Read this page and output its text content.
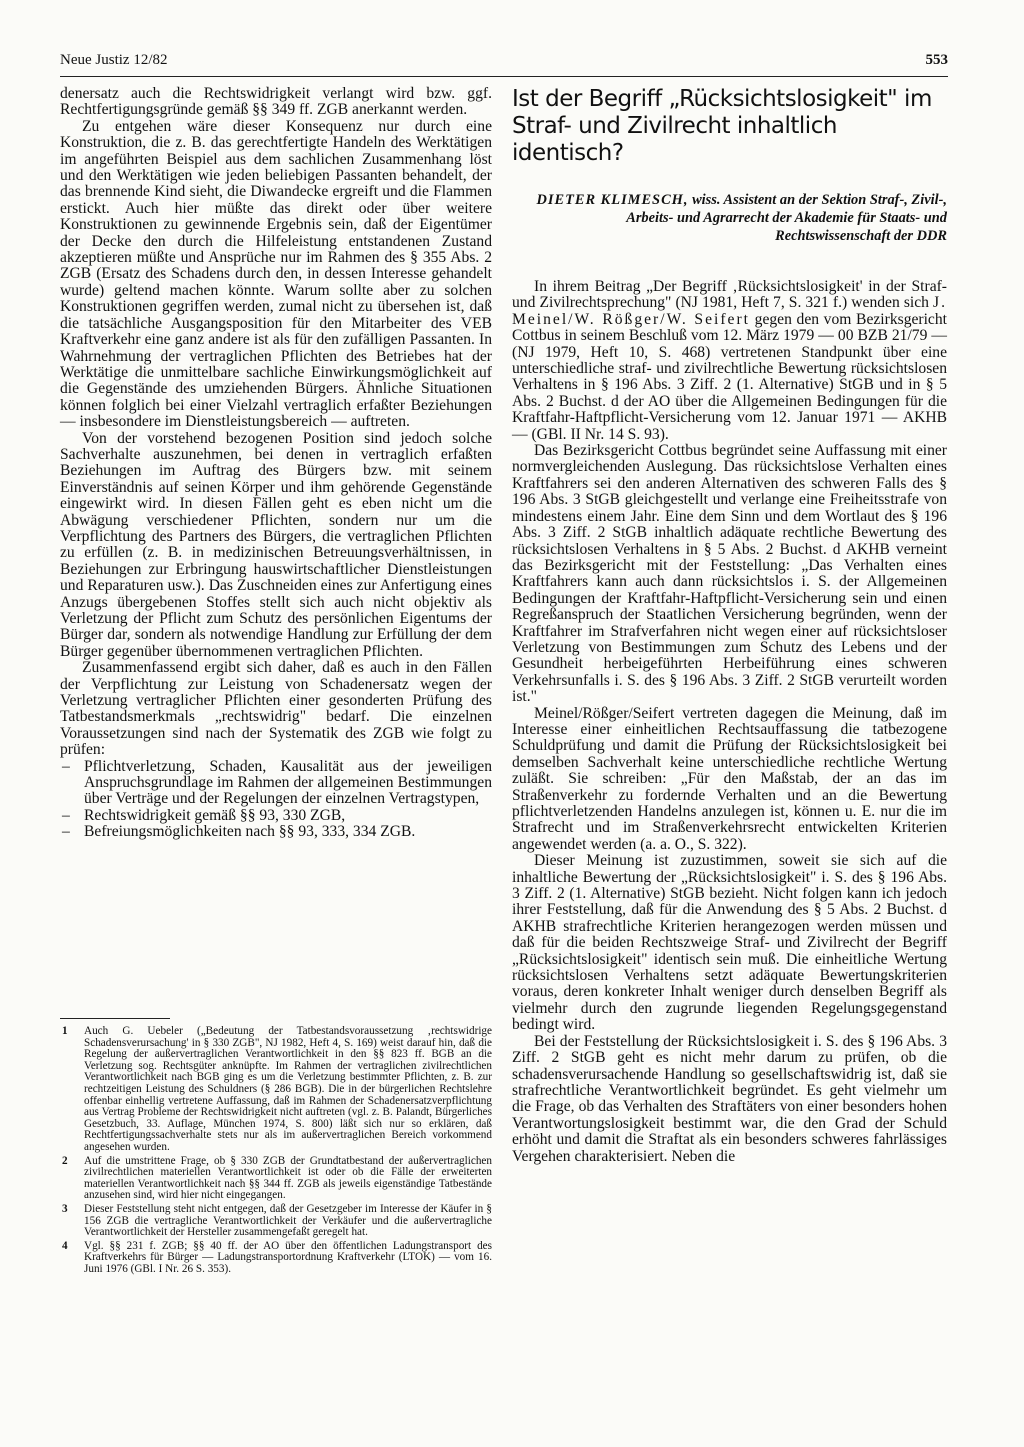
Neue Justiz 12/82	553

denersatz auch die Rechtswidrigkeit verlangt wird bzw. ggf. Rechtfertigungsgründe gemäß §§ 349 ff. ZGB anerkannt werden.

Zu entgehen wäre dieser Konsequenz nur durch eine Konstruktion, die z. B. das gerechtfertigte Handeln des Werktätigen im angeführten Beispiel aus dem sachlichen Zusammenhang löst und den Werktätigen wie jeden beliebigen Passanten behandelt, der das brennende Kind sieht, die Diwandecke ergreift und die Flammen erstickt. Auch hier müßte das direkt oder über weitere Konstruktionen zu gewinnende Ergebnis sein, daß der Eigentümer der Decke den durch die Hilfeleistung entstandenen Zustand akzeptieren müßte und Ansprüche nur im Rahmen des § 355 Abs. 2 ZGB (Ersatz des Schadens durch den, in dessen Interesse gehandelt wurde) geltend machen könnte. Warum sollte aber zu solchen Konstruktionen gegriffen werden, zumal nicht zu übersehen ist, daß die tatsächliche Ausgangsposition für den Mitarbeiter des VEB Kraftverkehr eine ganz andere ist als für den zufälligen Passanten. In Wahrnehmung der vertraglichen Pflichten des Betriebes hat der Werktätige die unmittelbare sachliche Einwirkungsmöglichkeit auf die Gegenstände des umziehenden Bürgers. Ähnliche Situationen können folglich bei einer Vielzahl vertraglich erfaßter Beziehungen — insbesondere im Dienstleistungsbereich — auftreten.

Von der vorstehend bezogenen Position sind jedoch solche Sachverhalte auszunehmen, bei denen in vertraglich erfaßten Beziehungen im Auftrag des Bürgers bzw. mit seinem Einverständnis auf seinen Körper und ihm gehörende Gegenstände eingewirkt wird. In diesen Fällen geht es eben nicht um die Abwägung verschiedener Pflichten, sondern nur um die Verpflichtung des Partners des Bürgers, die vertraglichen Pflichten zu erfüllen (z. B. in medizinischen Betreuungsverhältnissen, in Beziehungen zur Erbringung hauswirtschaftlicher Dienstleistungen und Reparaturen usw.). Das Zuschneiden eines zur Anfertigung eines Anzugs übergebenen Stoffes stellt sich auch nicht objektiv als Verletzung der Pflicht zum Schutz des persönlichen Eigentums der Bürger dar, sondern als notwendige Handlung zur Erfüllung der dem Bürger gegenüber übernommenen vertraglichen Pflichten.

Zusammenfassend ergibt sich daher, daß es auch in den Fällen der Verpflichtung zur Leistung von Schadenersatz wegen der Verletzung vertraglicher Pflichten einer gesonderten Prüfung des Tatbestandsmerkmals „rechtswidrig" bedarf. Die einzelnen Voraussetzungen sind nach der Systematik des ZGB wie folgt zu prüfen:

– Pflichtverletzung, Schaden, Kausalität aus der jeweiligen Anspruchsgrundlage im Rahmen der allgemeinen Bestimmungen über Verträge und der Regelungen der einzelnen Vertragstypen,
– Rechtswidrigkeit gemäß §§ 93, 330 ZGB,
– Befreiungsmöglichkeiten nach §§ 93, 333, 334 ZGB.
1 Auch G. Uebeler („Bedeutung der Tatbestandsvoraussetzung ‚rechtswidrige Schadensverursachung' in § 330 ZGB", NJ 1982, Heft 4, S. 169) weist darauf hin, daß die Regelung der außervertraglichen Verantwortlichkeit in den §§ 823 ff. BGB an die Verletzung sog. Rechtsgüter anknüpfte. Im Rahmen der vertraglichen zivilrechtlichen Verantwortlichkeit nach BGB ging es um die Verletzung bestimmter Pflichten, z. B. zur rechtzeitigen Leistung des Schuldners (§ 286 BGB). Die in der bürgerlichen Rechtslehre offenbar einhellig vertretene Auffassung, daß im Rahmen der Schadenersatzverpflichtung aus Vertrag Probleme der Rechtswidrigkeit nicht auftreten (vgl. z. B. Palandt, Bürgerliches Gesetzbuch, 33. Auflage, München 1974, S. 800) läßt sich nur so erklären, daß Rechtfertigungssachverhalte stets nur als im außervertraglichen Bereich vorkommend angesehen wurden.
2 Auf die umstrittene Frage, ob § 330 ZGB der Grundtatbestand der außervertraglichen zivilrechtlichen materiellen Verantwortlichkeit ist oder ob die Fälle der erweiterten materiellen Verantwortlichkeit nach §§ 344 ff. ZGB als jeweils eigenständige Tatbestände anzusehen sind, wird hier nicht eingegangen.
3 Dieser Feststellung steht nicht entgegen, daß der Gesetzgeber im Interesse der Käufer in § 156 ZGB die vertragliche Verantwortlichkeit der Verkäufer und die außervertragliche Verantwortlichkeit der Hersteller zusammengefaßt geregelt hat.
4 Vgl. §§ 231 f. ZGB; §§ 40 ff. der AO über den öffentlichen Ladungstransport des Kraftverkehrs für Bürger — Ladungstransportordnung Kraftverkehr (LTOK) — vom 16. Juni 1976 (GBl. I Nr. 26 S. 353).
Ist der Begriff „Rücksichtslosigkeit" im Straf- und Zivilrecht inhaltlich identisch?

DIETER KLIMESCH, wiss. Assistent an der Sektion Straf-, Zivil-, Arbeits- und Agrarrecht der Akademie für Staats- und Rechtswissenschaft der DDR

In ihrem Beitrag „Der Begriff ‚Rücksichtslosigkeit' in der Straf- und Zivilrechtsprechung" (NJ 1981, Heft 7, S. 321 f.) wenden sich J. Meinel/W. Rößger/W. Seifert gegen den vom Bezirksgericht Cottbus in seinem Beschluß vom 12. März 1979 — 00 BZB 21/79 — (NJ 1979, Heft 10, S. 468) vertretenen Standpunkt über eine unterschiedliche straf- und zivilrechtliche Bewertung rücksichtslosen Verhaltens in § 196 Abs. 3 Ziff. 2 (1. Alternative) StGB und in § 5 Abs. 2 Buchst. d der AO über die Allgemeinen Bedingungen für die Kraftfahr-Haftpflicht-Versicherung vom 12. Januar 1971 — AKHB — (GBl. II Nr. 14 S. 93).

Das Bezirksgericht Cottbus begründet seine Auffassung mit einer normvergleichenden Auslegung. Das rücksichtslose Verhalten eines Kraftfahrers sei den anderen Alternativen des schweren Falls des § 196 Abs. 3 StGB gleichgestellt und verlange eine Freiheitsstrafe von mindestens einem Jahr. Eine dem Sinn und dem Wortlaut des § 196 Abs. 3 Ziff. 2 StGB inhaltlich adäquate rechtliche Bewertung des rücksichtslosen Verhaltens in § 5 Abs. 2 Buchst. d AKHB verneint das Bezirksgericht mit der Feststellung: „Das Verhalten eines Kraftfahrers kann auch dann rücksichtslos i. S. der Allgemeinen Bedingungen der Kraftfahr-Haftpflicht-Versicherung sein und einen Regreßanspruch der Staatlichen Versicherung begründen, wenn der Kraftfahrer im Strafverfahren nicht wegen einer auf rücksichtsloser Verletzung von Bestimmungen zum Schutz des Lebens und der Gesundheit herbeigeführten Herbeiführung eines schweren Verkehrsunfalls i. S. des § 196 Abs. 3 Ziff. 2 StGB verurteilt worden ist."

Meinel/Rößger/Seifert vertreten dagegen die Meinung, daß im Interesse einer einheitlichen Rechtsauffassung die tatbezogene Schuldprüfung und damit die Prüfung der Rücksichtslosigkeit bei demselben Sachverhalt keine unterschiedliche rechtliche Wertung zuläßt. Sie schreiben: „Für den Maßstab, der an das im Straßenverkehr zu fordernde Verhalten und an die Bewertung pflichtverletzenden Handelns anzulegen ist, können u. E. nur die im Strafrecht und im Straßenverkehrsrecht entwickelten Kriterien angewendet werden (a. a. O., S. 322).

Dieser Meinung ist zuzustimmen, soweit sie sich auf die inhaltliche Bewertung der „Rücksichtslosigkeit" i. S. des § 196 Abs. 3 Ziff. 2 (1. Alternative) StGB bezieht. Nicht folgen kann ich jedoch ihrer Feststellung, daß für die Anwendung des § 5 Abs. 2 Buchst. d AKHB strafrechtliche Kriterien herangezogen werden müssen und daß für die beiden Rechtszweige Straf- und Zivilrecht der Begriff „Rücksichtslosigkeit" identisch sein muß. Die einheitliche Wertung rücksichtslosen Verhaltens setzt adäquate Bewertungskriterien voraus, deren konkreter Inhalt weniger durch denselben Begriff als vielmehr durch den zugrunde liegenden Regelungsgegenstand bedingt wird.

Bei der Feststellung der Rücksichtslosigkeit i. S. des § 196 Abs. 3 Ziff. 2 StGB geht es nicht mehr darum zu prüfen, ob die schadensverursachende Handlung so gesellschaftswidrig ist, daß sie strafrechtliche Verantwortlichkeit begründet. Es geht vielmehr um die Frage, ob das Verhalten des Straftäters von einer besonders hohen Verantwortungslosigkeit bestimmt war, die den Grad der Schuld erhöht und damit die Straftat als ein besonders schweres fahrlässiges Vergehen charakterisiert. Neben die
